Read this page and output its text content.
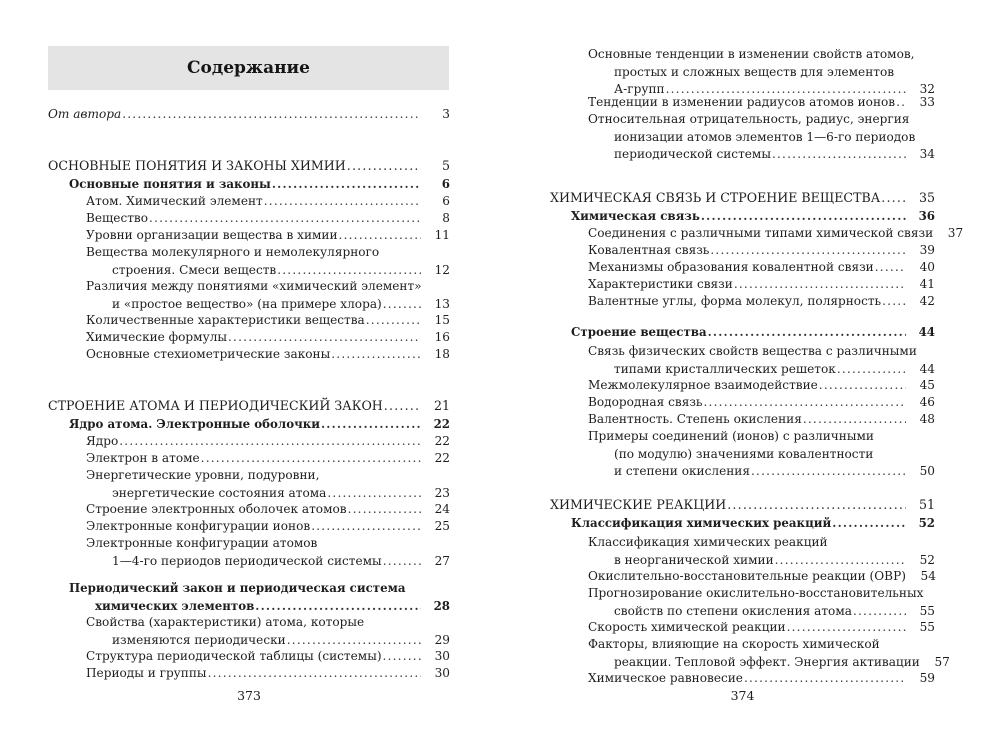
Содержание
От автора .....	3
ОСНОВНЫЕ ПОНЯТИЯ И ЗАКОНЫ ХИМИИ .....	5
Основные понятия и законы .....	6
Атом. Химический элемент .....	6
Вещество .....	8
Уровни организации вещества в химии .....	11
Вещества молекулярного и немолекулярного
строения. Смеси веществ .....	12
Различия между понятиями «химический элемент»
и «простое вещество» (на примере хлора) .....	13
Количественные характеристики вещества .....	15
Химические формулы .....	16
Основные стехиометрические законы .....	18
СТРОЕНИЕ АТОМА И ПЕРИОДИЧЕСКИЙ ЗАКОН .....	21
Ядро атома. Электронные оболочки .....	22
Ядро .....	22
Электрон в атоме .....	22
Энергетические уровни, подуровни,
энергетические состояния атома .....	23
Строение электронных оболочек атомов .....	24
Электронные конфигурации ионов .....	25
Электронные конфигурации атомов
1—4-го периодов периодической системы .....	27
Периодический закон и периодическая система
химических элементов .....	28
Свойства (характеристики) атома, которые
изменяются периодически .....	29
Структура периодической таблицы (системы) .....	30
Периоды и группы .....	30
373
Основные тенденции в изменении свойств атомов,
простых и сложных веществ для элементов
А-групп .....	32
Тенденции в изменении радиусов атомов ионов .....	33
Относительная отрицательность, радиус, энергия
ионизации атомов элементов 1—6-го периодов
периодической системы .....	34
ХИМИЧЕСКАЯ СВЯЗЬ И СТРОЕНИЕ ВЕЩЕСТВА .....	35
Химическая связь .....	36
Соединения с различными типами химической связи	37
Ковалентная связь .....	39
Механизмы образования ковалентной связи .....	40
Характеристики связи .....	41
Валентные углы, форма молекул, полярность .....	42
Строение вещества .....	44
Связь физических свойств вещества с различными
типами кристаллических решеток .....	44
Межмолекулярное взаимодействие .....	45
Водородная связь .....	46
Валентность. Степень окисления .....	48
Примеры соединений (ионов) с различными
(по модулю) значениями ковалентности
и степени окисления .....	50
ХИМИЧЕСКИЕ РЕАКЦИИ .....	51
Классификация химических реакций .....	52
Классификация химических реакций
в неорганической химии .....	52
Окислительно-восстановительные реакции (ОВР)	54
Прогнозирование окислительно-восстановительных
свойств по степени окисления атома .....	55
Скорость химической реакции .....	55
Факторы, влияющие на скорость химической
реакции. Тепловой эффект. Энергия активации	57
Химическое равновесие .....	59
374
